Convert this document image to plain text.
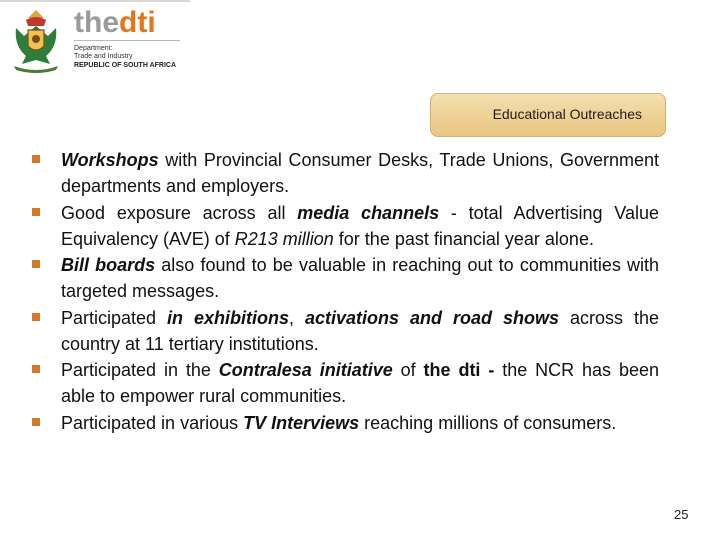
thedti
Department:
Trade and Industry
REPUBLIC OF SOUTH AFRICA
Educational Outreaches
Workshops with Provincial Consumer Desks, Trade Unions, Government departments and employers.
Good exposure across all media channels - total Advertising Value Equivalency (AVE) of R213 million for the past financial year alone.
Bill boards also found to be valuable in reaching out to communities with targeted messages.
Participated in exhibitions, activations and road shows across the country at 11 tertiary institutions.
Participated in the Contralesa initiative of the dti - the NCR has been able to empower rural communities.
Participated in various TV Interviews reaching millions of consumers.
25
